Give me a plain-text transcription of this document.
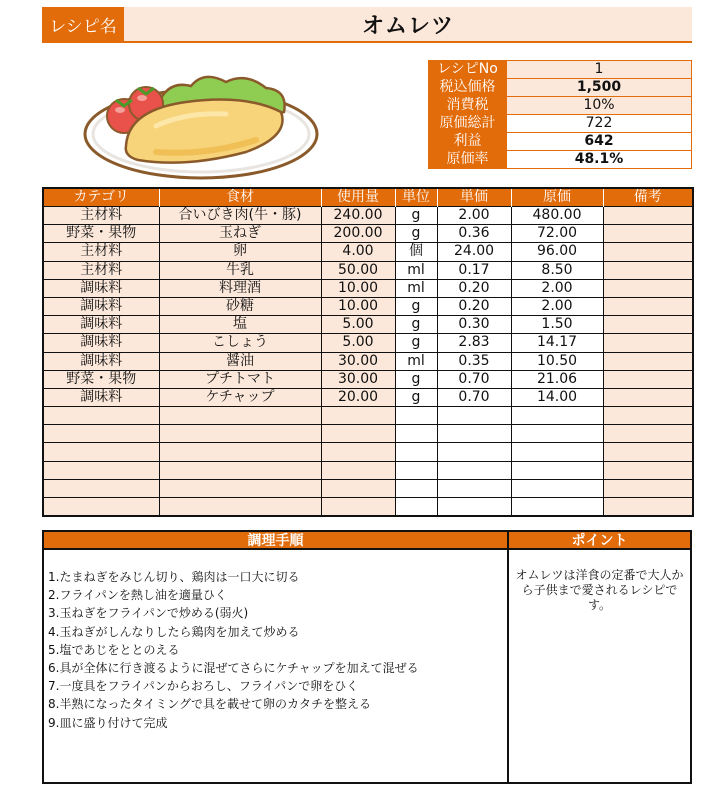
レシピ名	オムレツ
レシピNo	1
税込価格	1,500
消費税	10%
原価総計	722
利益	642
原価率	48.1%
カテゴリ	食材	使用量	単位	単価	原価	備考
主材料	合いびき肉(牛・豚)	240.00	g	2.00	480.00	
野菜・果物	玉ねぎ	200.00	g	0.36	72.00	
主材料	卵	4.00	個	24.00	96.00	
主材料	牛乳	50.00	ml	0.17	8.50	
調味料	料理酒	10.00	ml	0.20	2.00	
調味料	砂糖	10.00	g	0.20	2.00	
調味料	塩	5.00	g	0.30	1.50	
調味料	こしょう	5.00	g	2.83	14.17	
調味料	醤油	30.00	ml	0.35	10.50	
野菜・果物	プチトマト	30.00	g	0.70	21.06	
調味料	ケチャップ	20.00	g	0.70	14.00	

調理手順
1.たまねぎをみじん切り、鶏肉は一口大に切る
2.フライパンを熱し油を適量ひく
3.玉ねぎをフライパンで炒める(弱火)
4.玉ねぎがしんなりしたら鶏肉を加えて炒める
5.塩であじをととのえる
6.具が全体に行き渡るように混ぜてさらにケチャップを加えて混ぜる
7.一度具をフライパンからおろし、フライパンで卵をひく
8.半熟になったタイミングで具を載せて卵のカタチを整える
9.皿に盛り付けて完成
ポイント
オムレツは洋食の定番で大人から子供まで愛されるレシピです。
